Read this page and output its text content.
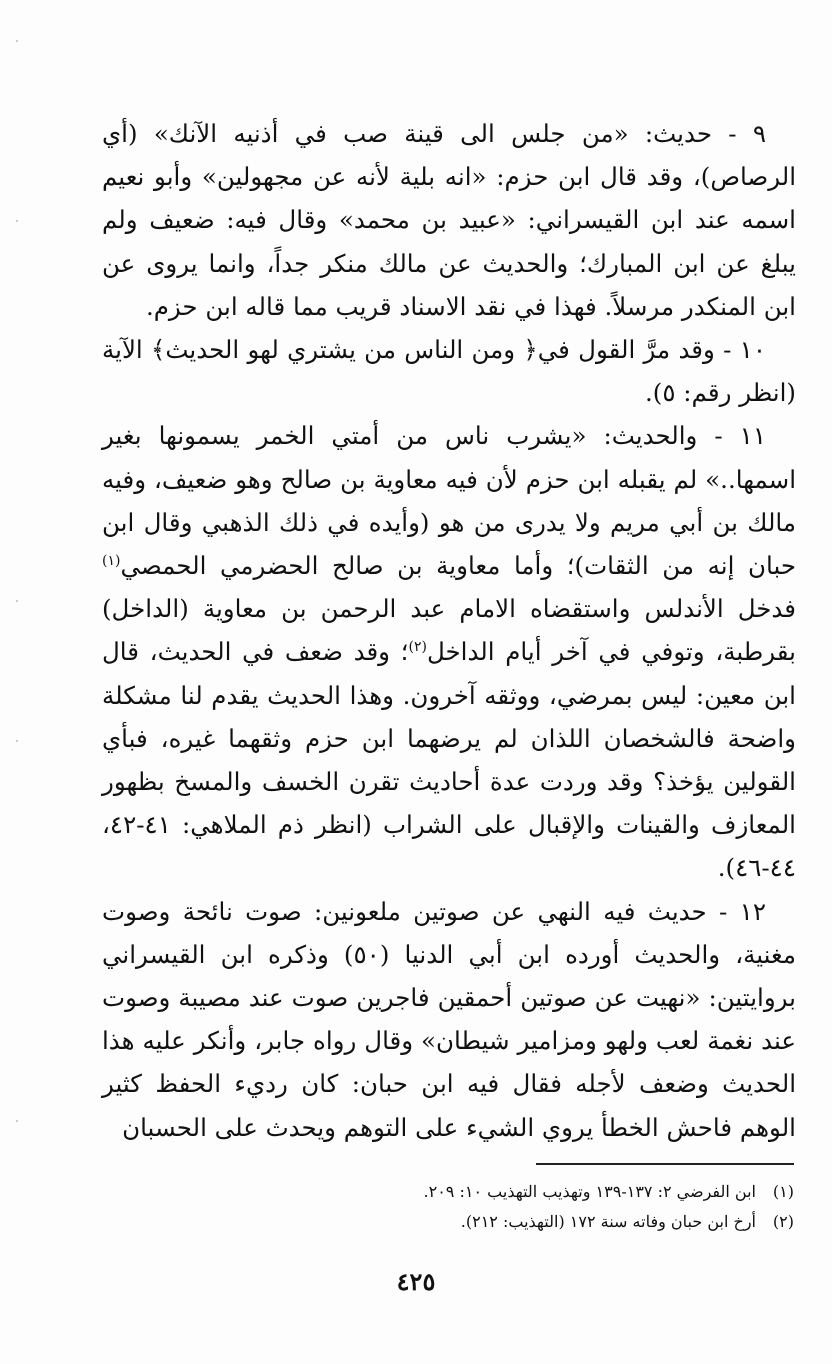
٩ - حديث: «من جلس الى قينة صب في أذنيه الآنك» (أي الرصاص)، وقد قال ابن حزم: «انه بلية لأنه عن مجهولين» وأبو نعيم اسمه عند ابن القيسراني: «عبيد بن محمد» وقال فيه: ضعيف ولم يبلغ عن ابن المبارك؛ والحديث عن مالك منكر جداً، وانما يروى عن ابن المنكدر مرسلاً. فهذا في نقد الاسناد قريب مما قاله ابن حزم.

١٠ - وقد مرَّ القول في﴿ ومن الناس من يشتري لهو الحديث﴾ الآية (انظر رقم: ٥).

١١ - والحديث: «يشرب ناس من أمتي الخمر يسمونها بغير اسمها..» لم يقبله ابن حزم لأن فيه معاوية بن صالح وهو ضعيف، وفيه مالك بن أبي مريم ولا يدرى من هو (وأيده في ذلك الذهبي وقال ابن حبان إنه من الثقات)؛ وأما معاوية بن صالح الحضرمي الحمصي$^{(١)}$ فدخل الأندلس واستقضاه الامام عبد الرحمن بن معاوية (الداخل) بقرطبة، وتوفي في آخر أيام الداخل$^{(٢)}$؛ وقد ضعف في الحديث، قال ابن معين: ليس بمرضي، ووثقه آخرون. وهذا الحديث يقدم لنا مشكلة واضحة فالشخصان اللذان لم يرضهما ابن حزم وثقهما غيره، فبأي القولين يؤخذ؟ وقد وردت عدة أحاديث تقرن الخسف والمسخ بظهور المعازف والقينات والإقبال على الشراب (انظر ذم الملاهي: ٤١-٤٢، ٤٤-٤٦).

١٢ - حديث فيه النهي عن صوتين ملعونين: صوت نائحة وصوت مغنية، والحديث أورده ابن أبي الدنيا (٥٠) وذكره ابن القيسراني بروايتين: «نهيت عن صوتين أحمقين فاجرين صوت عند مصيبة وصوت عند نغمة لعب ولهو ومزامير شيطان» وقال رواه جابر، وأنكر عليه هذا الحديث وضعف لأجله فقال فيه ابن حبان: كان رديء الحفظ كثير الوهم فاحش الخطأ يروي الشيء على التوهم ويحدث على الحسبان

(١)ابن الفرضي ٢: ١٣٧-١٣٩ وتهذيب التهذيب ١٠: ٢٠٩.

(٢)أرخ ابن حبان وفاته سنة ١٧٢ (التهذيب: ٢١٢).

٤٢٥
